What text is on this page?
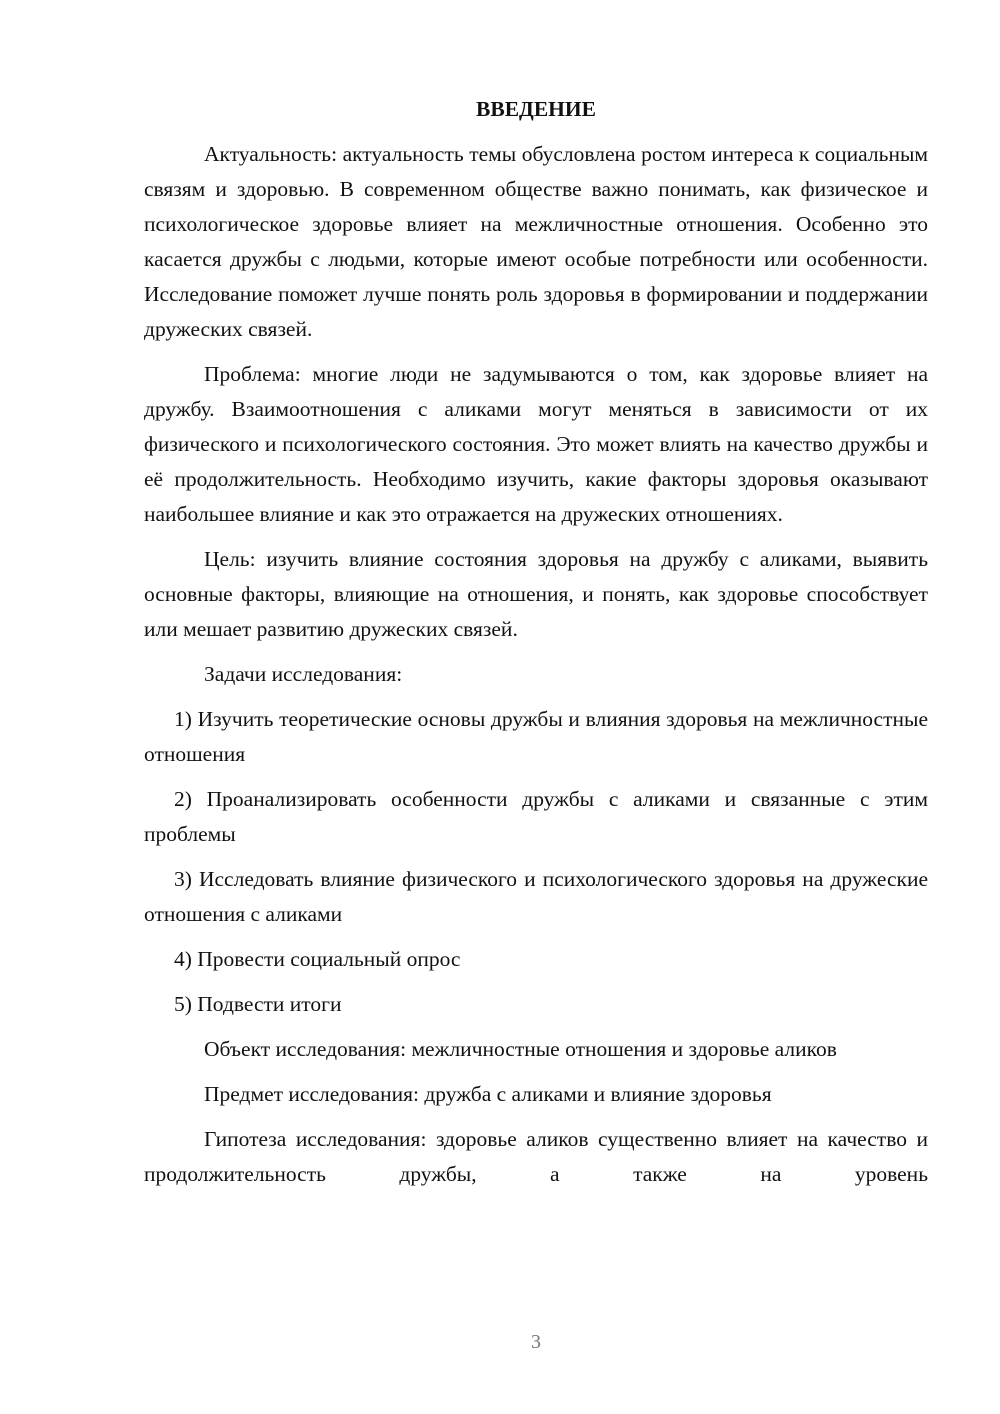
ВВЕДЕНИЕ

Актуальность: актуальность темы обусловлена ростом интереса к социальным связям и здоровью. В современном обществе важно понимать, как физическое и психологическое здоровье влияет на межличностные отношения. Особенно это касается дружбы с людьми, которые имеют особые потребности или особенности. Исследование поможет лучше понять роль здоровья в формировании и поддержании дружеских связей.

Проблема: многие люди не задумываются о том, как здоровье влияет на дружбу. Взаимоотношения с аликами могут меняться в зависимости от их физического и психологического состояния. Это может влиять на качество дружбы и её продолжительность. Необходимо изучить, какие факторы здоровья оказывают наибольшее влияние и как это отражается на дружеских отношениях.

Цель: изучить влияние состояния здоровья на дружбу с аликами, выявить основные факторы, влияющие на отношения, и понять, как здоровье способствует или мешает развитию дружеских связей.

Задачи исследования:

1) Изучить теоретические основы дружбы и влияния здоровья на межличностные отношения

2) Проанализировать особенности дружбы с аликами и связанные с этим проблемы

3) Исследовать влияние физического и психологического здоровья на дружеские отношения с аликами

4) Провести социальный опрос

5) Подвести итоги

Объект исследования: межличностные отношения и здоровье аликов

Предмет исследования: дружба с аликами и влияние здоровья

Гипотеза исследования: здоровье аликов существенно влияет на качество и продолжительность дружбы, а также на уровень

3
